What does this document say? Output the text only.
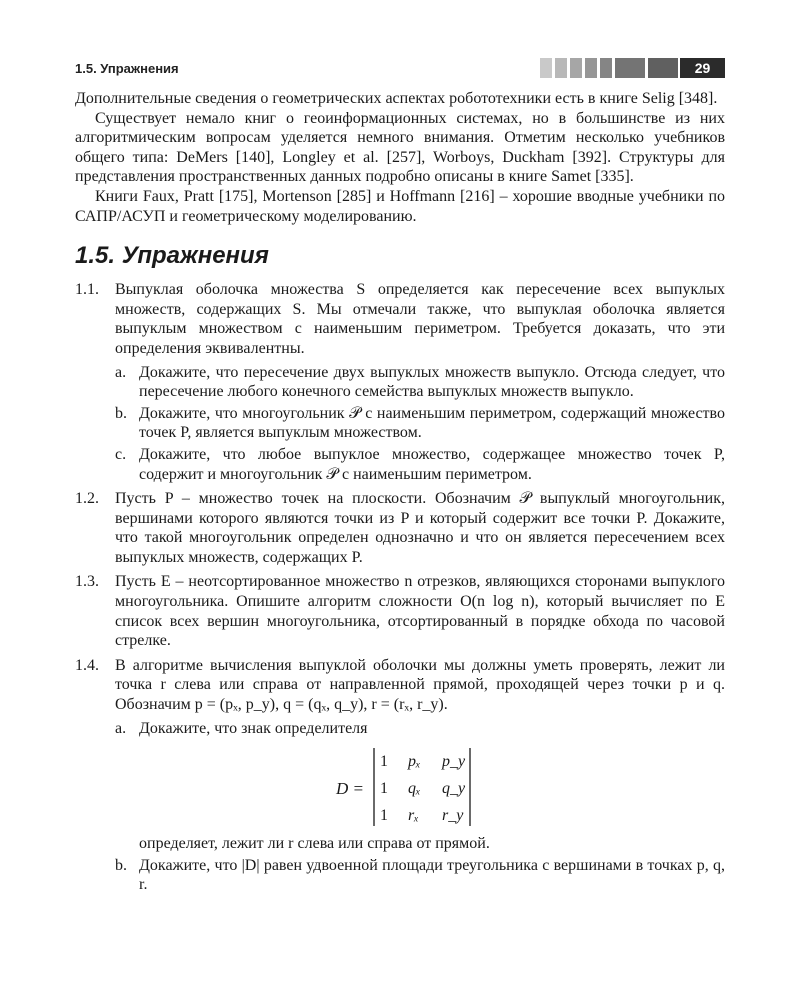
1.5. Упражнения	29

Дополнительные сведения о геометрических аспектах робототехники есть в книге Selig [348].

Существует немало книг о геоинформационных системах, но в большинстве из них алгоритмическим вопросам уделяется немного внимания. Отметим несколько учебников общего типа: DeMers [140], Longley et al. [257], Worboys, Duckham [392]. Структуры для представления пространственных данных подробно описаны в книге Samet [335].

Книги Faux, Pratt [175], Mortenson [285] и Hoffmann [216] – хорошие вводные учебники по САПР/АСУП и геометрическому моделированию.

1.5. Упражнения
1.1. Выпуклая оболочка множества S определяется как пересечение всех выпуклых множеств, содержащих S. Мы отмечали также, что выпуклая оболочка является выпуклым множеством с наименьшим периметром. Требуется доказать, что эти определения эквивалентны.

a. Докажите, что пересечение двух выпуклых множеств выпукло. Отсюда следует, что пересечение любого конечного семейства выпуклых множеств выпукло.

b. Докажите, что многоугольник 𝒫 с наименьшим периметром, содержащий множество точек P, является выпуклым множеством.

c. Докажите, что любое выпуклое множество, содержащее множество точек P, содержит и многоугольник 𝒫 с наименьшим периметром.

1.2. Пусть P – множество точек на плоскости. Обозначим 𝒫 выпуклый многоугольник, вершинами которого являются точки из P и который содержит все точки P. Докажите, что такой многоугольник определен однозначно и что он является пересечением всех выпуклых множеств, содержащих P.

1.3. Пусть E – неотсортированное множество n отрезков, являющихся сторонами выпуклого многоугольника. Опишите алгоритм сложности O(n log n), который вычисляет по E список всех вершин многоугольника, отсортированный в порядке обхода по часовой стрелке.

1.4. В алгоритме вычисления выпуклой оболочки мы должны уметь проверять, лежит ли точка r слева или справа от направленной прямой, проходящей через точки p и q. Обозначим p = (pₓ, p_y), q = (qₓ, q_y), r = (rₓ, r_y).

a. Докажите, что знак определителя

D =
1 pₓ p_y
1 qₓ q_y
1 rₓ r_y

определяет, лежит ли r слева или справа от прямой.

b. Докажите, что |D| равен удвоенной площади треугольника с вершинами в точках p, q, r.
